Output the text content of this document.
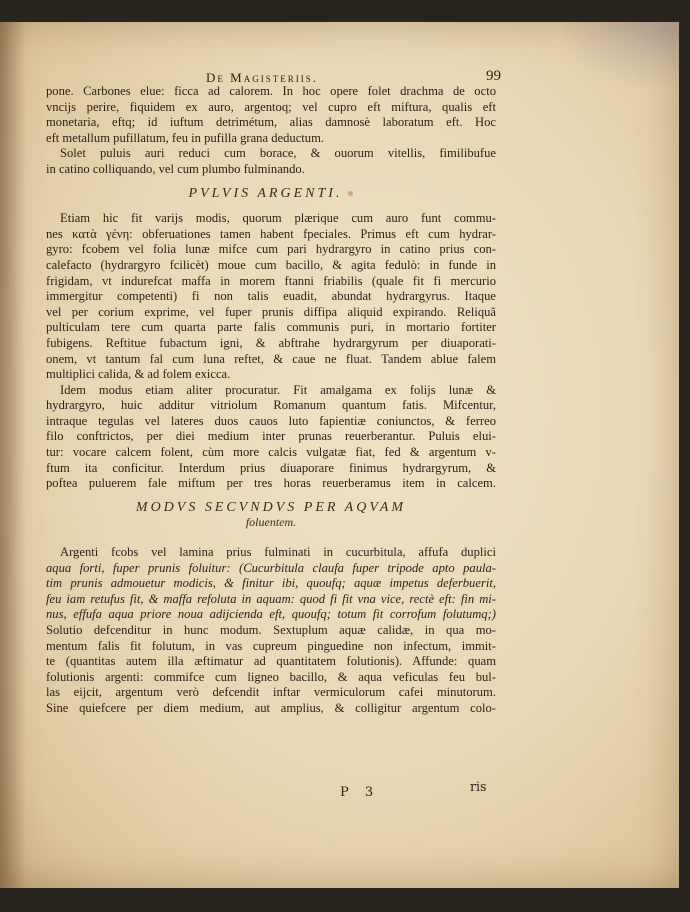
De Magisteriis.	99
pone. Carbones elue: ficca ad calorem. In hoc opere folet drachma de octo
vncijs perire, fiquidem ex auro, argentoq; vel cupro eft miftura, qualis eft
monetaria, eftq; id iuftum detrimétum, alias damnosè laboratum eft. Hoc
eft metallum pufillatum, feu in pufilla grana deductum.
Solet puluis auri reduci cum borace, & ouorum vitellis, fimilibufue
in catino colliquando, vel cum plumbo fulminando.
PVLVIS ARGENTI.
Etiam hic fit varijs modis, quorum plærique cum auro funt commu-
nes κατὰ γένη: obferuationes tamen habent fpeciales. Primus eft cum hydrar-
gyro: fcobem vel folia lunæ mifce cum pari hydrargyro in catino prius con-
calefacto (hydrargyro fcilicèt) moue cum bacillo, & agita fedulò: in funde in
frigidam, vt indurefcat maffa in morem ftanni friabilis (quale fit fi mercurio
immergitur competenti) fi non talis euadit, abundat hydrargyrus. Itaque
vel per corium exprime, vel fuper prunis diffipa aliquid expirando. Reliquã
pulticulam tere cum quarta parte falis communis puri, in mortario fortiter
fubigens. Reftitue fubactum igni, & abftrahe hydrargyrum per diuaporati-
onem, vt tantum fal cum luna reftet, & caue ne fluat. Tandem ablue falem
multiplici calida, & ad folem exicca.
Idem modus etiam aliter procuratur. Fit amalgama ex folijs lunæ &
hydrargyro, huic additur vitriolum Romanum quantum fatis. Mifcentur,
intraque tegulas vel lateres duos cauos luto fapientiæ coniunctos, & ferreo
filo conftrictos, per diei medium inter prunas reuerberantur. Puluis elui-
tur: vocare calcem folent, cùm more calcis vulgatæ fiat, fed & argentum v-
ftum ita conficitur. Interdum prius diuaporare finimus hydrargyrum, &
poftea puluerem fale miftum per tres horas reuerberamus item in calcem.
MODVS SECVNDVS PER AQVAM
foluentem.
Argenti fcobs vel lamina prius fulminati in cucurbitula, affufa duplici
aqua forti, fuper prunis foluitur: (Cucurbitula claufa fuper tripode apto paula-
tim prunis admouetur modicis, & finitur ibi, quoufq; aquæ impetus deferbuerit,
feu iam retufus fit, & maffa refoluta in aquam: quod fi fit vna vice, rectè eft: fin mi-
nus, effufa aqua priore noua adijcienda eft, quoufq; totum fit corrofum folutumq;)
Solutio defcenditur in hunc modum. Sextuplum aquæ calidæ, in qua mo-
mentum falis fit folutum, in vas cupreum pinguedine non infectum, immit-
te (quantitas autem illa æftimatur ad quantitatem folutionis). Affunde: quam
folutionis argenti: commifce cum ligneo bacillo, & aqua veficulas feu bul-
las eijcit, argentum verò defcendit inftar vermiculorum cafei minutorum.
Sine quiefcere per diem medium, aut amplius, & colligitur argentum colo-
P 3	ris
